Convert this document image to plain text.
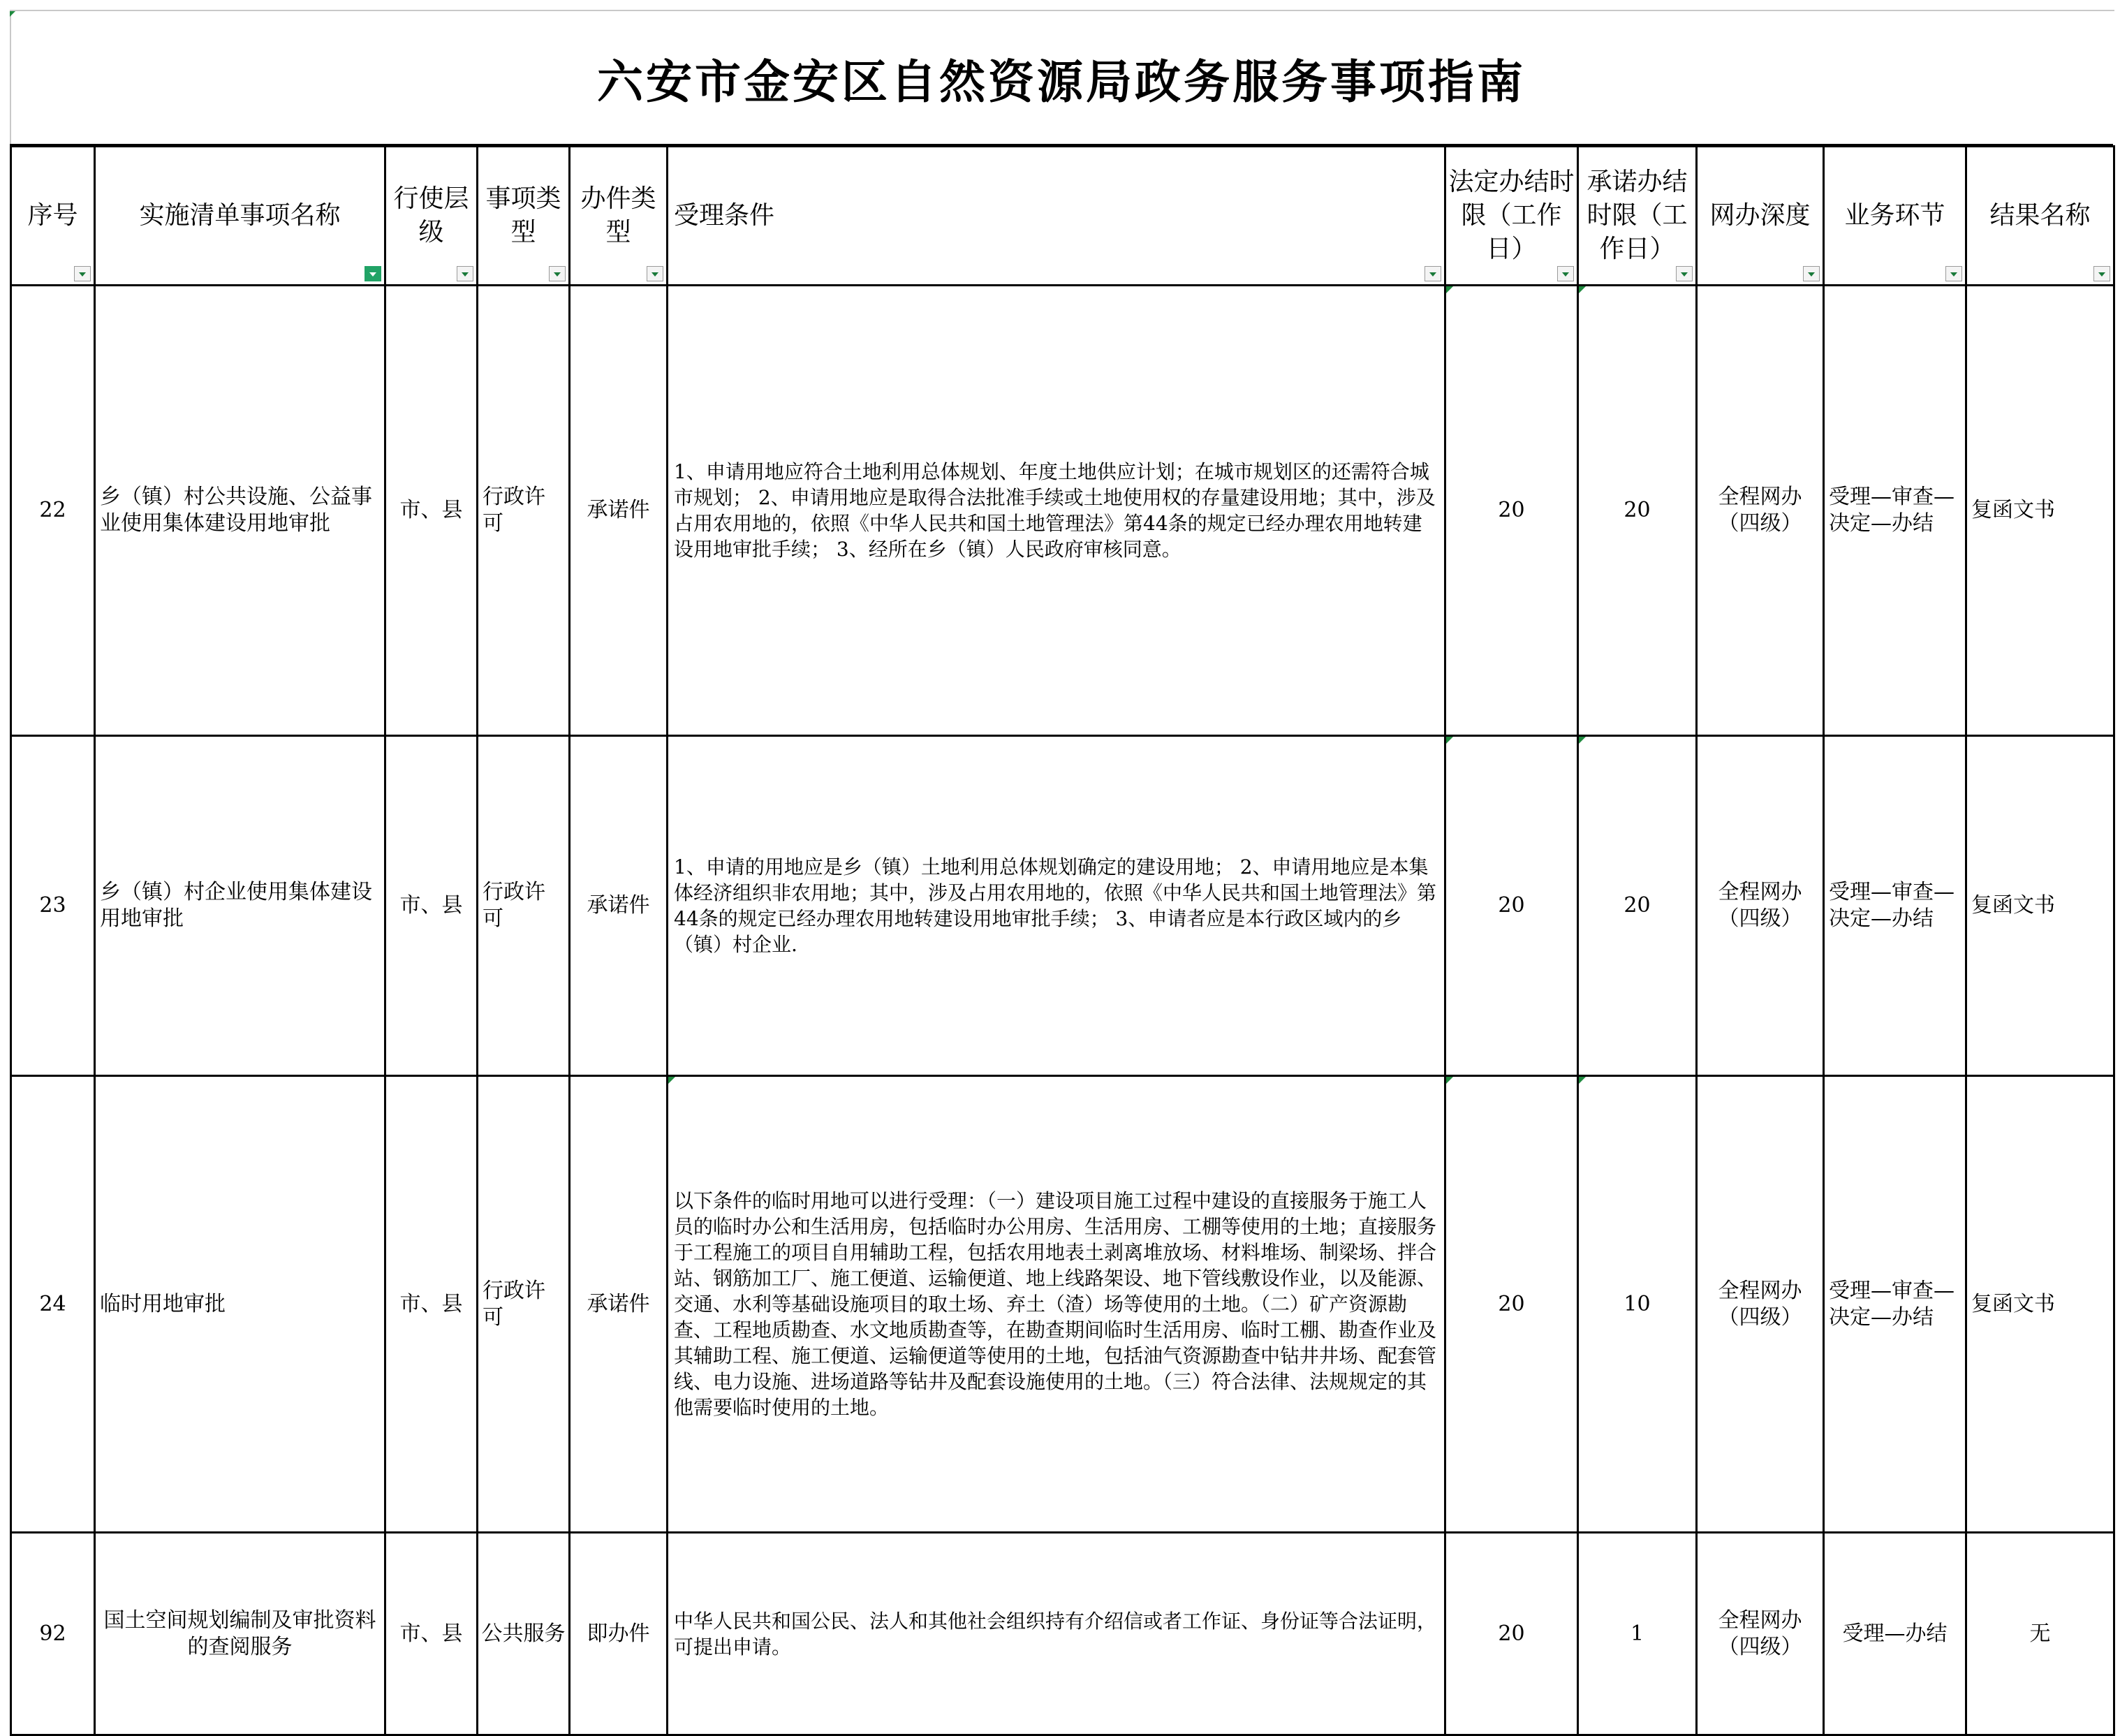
六安市金安区自然资源局政务服务事项指南
序号	实施清单事项名称	行使层级	事项类型	办件类型	受理条件	法定办结时限（工作日）	承诺办结时限（工作日）	网办深度	业务环节	结果名称

22	乡（镇）村公共设施、公益事业使用集体建设用地审批	市、县	行政许可	承诺件	1、申请用地应符合土地利用总体规划、年度土地供应计划；在城市规划区的还需符合城市规划； 2、申请用地应是取得合法批准手续或土地使用权的存量建设用地；其中，涉及占用农用地的，依照《中华人民共和国土地管理法》第44条的规定已经办理农用地转建设用地审批手续； 3、经所在乡（镇）人民政府审核同意。	20	20	全程网办（四级）	受理—审查—决定—办结	复函文书
23	乡（镇）村企业使用集体建设用地审批	市、县	行政许可	承诺件	1、申请的用地应是乡（镇）土地利用总体规划确定的建设用地； 2、申请用地应是本集体经济组织非农用地；其中，涉及占用农用地的，依照《中华人民共和国土地管理法》第44条的规定已经办理农用地转建设用地审批手续； 3、申请者应是本行政区域内的乡（镇）村企业.	20	20	全程网办（四级）	受理—审查—决定—办结	复函文书
24	临时用地审批	市、县	行政许可	承诺件	以下条件的临时用地可以进行受理：（一）建设项目施工过程中建设的直接服务于施工人员的临时办公和生活用房，包括临时办公用房、生活用房、工棚等使用的土地；直接服务于工程施工的项目自用辅助工程，包括农用地表土剥离堆放场、材料堆场、制梁场、拌合站、钢筋加工厂、施工便道、运输便道、地上线路架设、地下管线敷设作业，以及能源、交通、水利等基础设施项目的取土场、弃土（渣）场等使用的土地。（二）矿产资源勘查、工程地质勘查、水文地质勘查等，在勘查期间临时生活用房、临时工棚、勘查作业及其辅助工程、施工便道、运输便道等使用的土地，包括油气资源勘查中钻井井场、配套管线、电力设施、进场道路等钻井及配套设施使用的土地。（三）符合法律、法规规定的其他需要临时使用的土地。	20	10	全程网办（四级）	受理—审查—决定—办结	复函文书
92	国土空间规划编制及审批资料的查阅服务	市、县	公共服务	即办件	中华人民共和国公民、法人和其他社会组织持有介绍信或者工作证、身份证等合法证明，可提出申请。	20	1	全程网办（四级）	受理—办结	无
